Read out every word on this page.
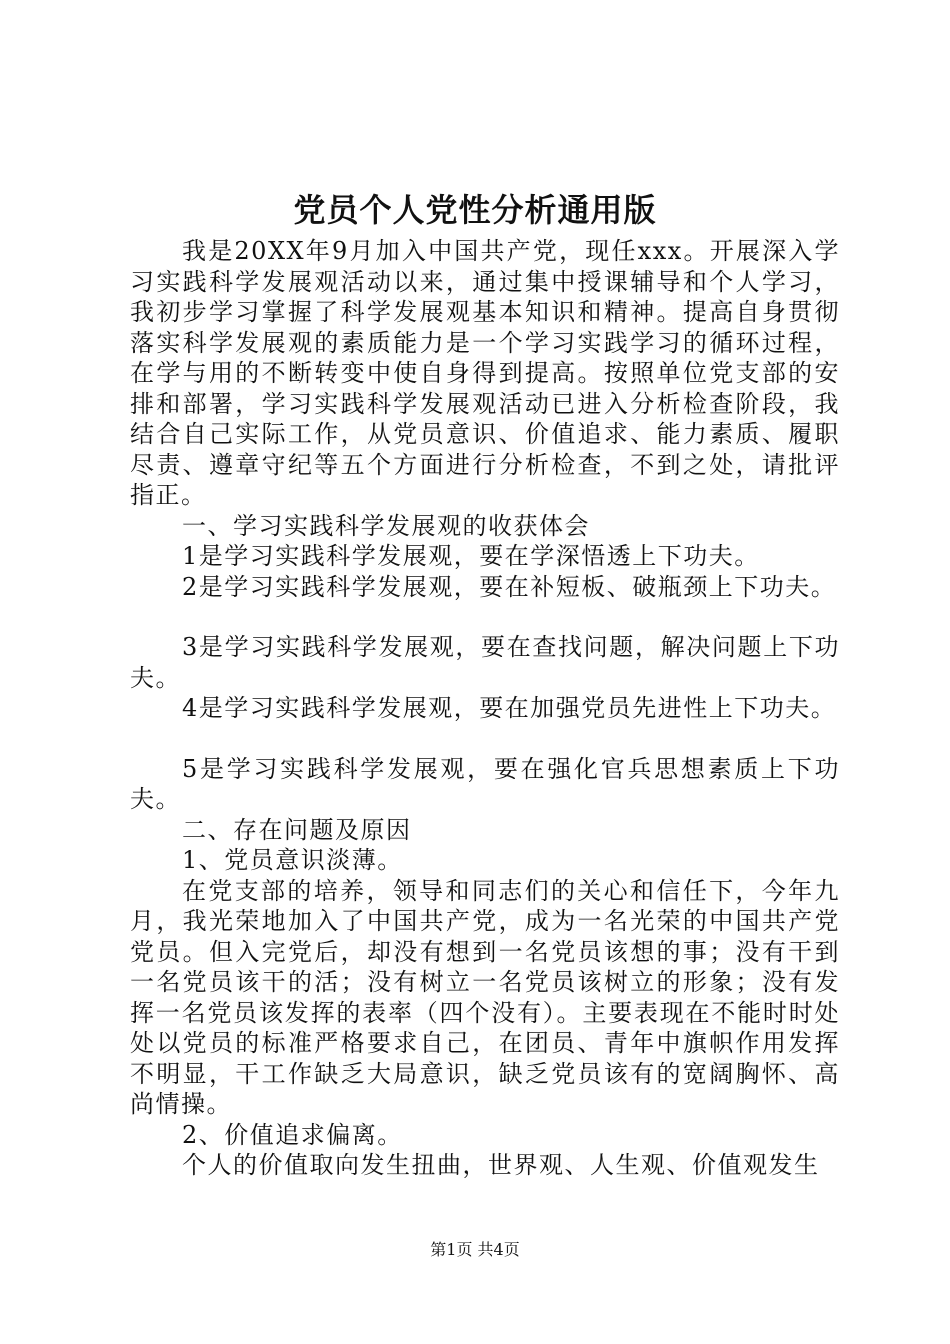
党员个人党性分析通用版

我是20XX年9月加入中国共产党，现任xxx。开展深入学习实践科学发展观活动以来，通过集中授课辅导和个人学习，我初步学习掌握了科学发展观基本知识和精神。提高自身贯彻落实科学发展观的素质能力是一个学习实践学习的循环过程，在学与用的不断转变中使自身得到提高。按照单位党支部的安排和部署，学习实践科学发展观活动已进入分析检查阶段，我结合自己实际工作，从党员意识、价值追求、能力素质、履职尽责、遵章守纪等五个方面进行分析检查，不到之处，请批评指正。

一、学习实践科学发展观的收获体会

1是学习实践科学发展观，要在学深悟透上下功夫。

2是学习实践科学发展观，要在补短板、破瓶颈上下功夫。

3是学习实践科学发展观，要在查找问题，解决问题上下功夫。

4是学习实践科学发展观，要在加强党员先进性上下功夫。

5是学习实践科学发展观，要在强化官兵思想素质上下功夫。

二、存在问题及原因

1、党员意识淡薄。

在党支部的培养，领导和同志们的关心和信任下，今年九月，我光荣地加入了中国共产党，成为一名光荣的中国共产党党员。但入完党后，却没有想到一名党员该想的事；没有干到一名党员该干的活；没有树立一名党员该树立的形象；没有发挥一名党员该发挥的表率（四个没有）。主要表现在不能时时处处以党员的标准严格要求自己，在团员、青年中旗帜作用发挥不明显，干工作缺乏大局意识，缺乏党员该有的宽阔胸怀、高尚情操。

2、价值追求偏离。

个人的价值取向发生扭曲，世界观、人生观、价值观发生

第1页 共4页
